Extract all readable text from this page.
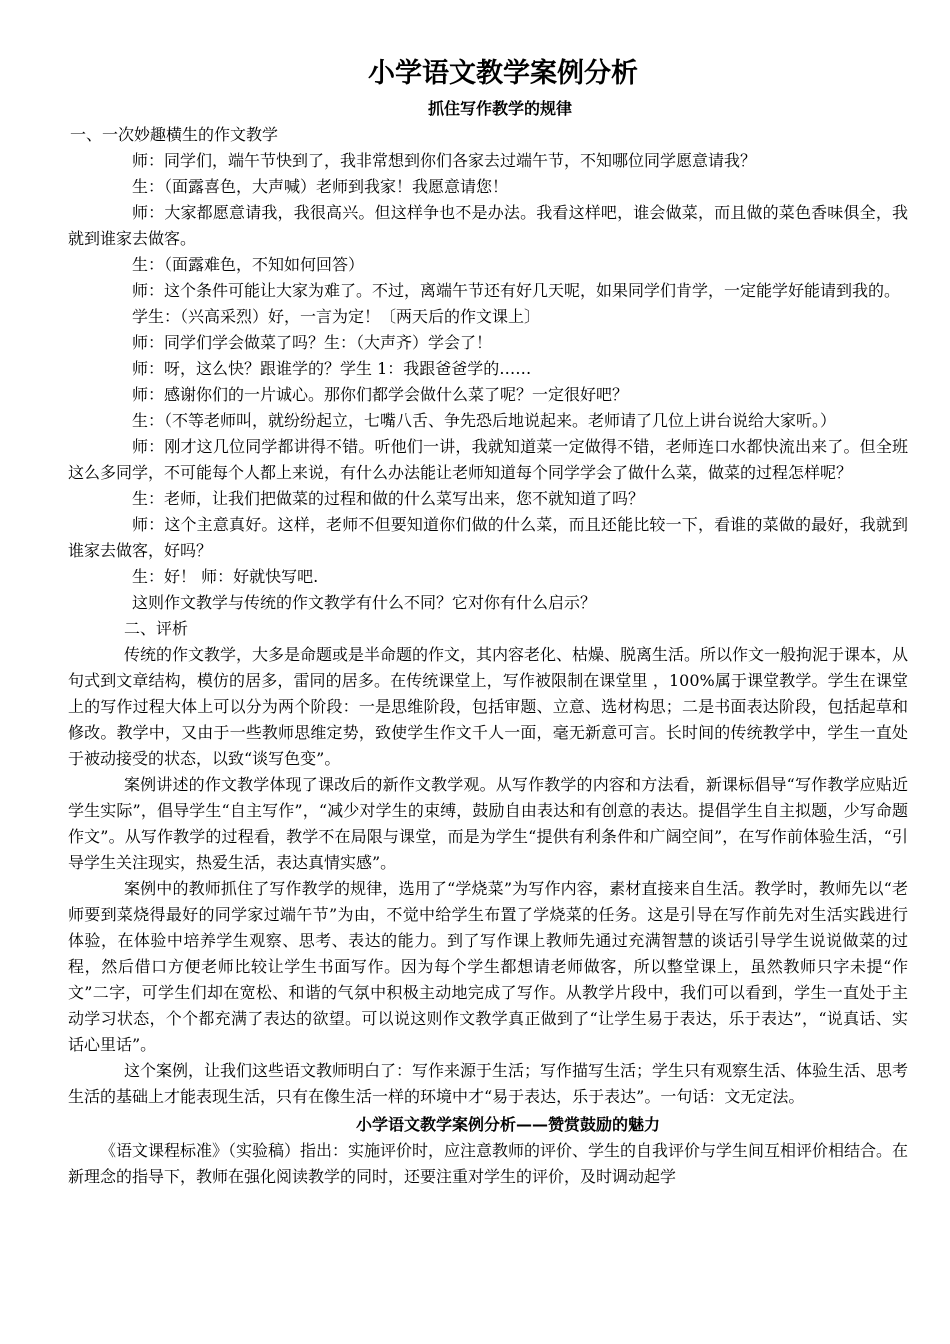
小学语文教学案例分析
抓住写作教学的规律

一、一次妙趣横生的作文教学

师：同学们，端午节快到了，我非常想到你们各家去过端午节，不知哪位同学愿意请我？

生：（面露喜色，大声喊）老师到我家！我愿意请您！

师：大家都愿意请我，我很高兴。但这样争也不是办法。我看这样吧，谁会做菜，而且做的菜色香味俱全，我就到谁家去做客。

生：（面露难色，不知如何回答）

师：这个条件可能让大家为难了。不过，离端午节还有好几天呢，如果同学们肯学，一定能学好能请到我的。

学生：（兴高采烈）好，一言为定！〔两天后的作文课上〕

师：同学们学会做菜了吗？生：（大声齐）学会了！

师：呀，这么快？跟谁学的？学生 1：我跟爸爸学的……

师：感谢你们的一片诚心。那你们都学会做什么菜了呢？一定很好吧？

生：（不等老师叫，就纷纷起立，七嘴八舌、争先恐后地说起来。老师请了几位上讲台说给大家听。）

师：刚才这几位同学都讲得不错。听他们一讲，我就知道菜一定做得不错，老师连口水都快流出来了。但全班这么多同学，不可能每个人都上来说，有什么办法能让老师知道每个同学学会了做什么菜，做菜的过程怎样呢？

生：老师，让我们把做菜的过程和做的什么菜写出来，您不就知道了吗？

师：这个主意真好。这样，老师不但要知道你们做的什么菜，而且还能比较一下，看谁的菜做的最好，我就到谁家去做客，好吗？

生：好！ 师：好就快写吧.

这则作文教学与传统的作文教学有什么不同？它对你有什么启示？

二、评析

传统的作文教学，大多是命题或是半命题的作文，其内容老化、枯燥、脱离生活。所以作文一般拘泥于课本，从句式到文章结构，模仿的居多，雷同的居多。在传统课堂上，写作被限制在课堂里 ，100%属于课堂教学。学生在课堂上的写作过程大体上可以分为两个阶段：一是思维阶段，包括审题、立意、选材构思；二是书面表达阶段，包括起草和修改。教学中，又由于一些教师思维定势，致使学生作文千人一面，毫无新意可言。长时间的传统教学中，学生一直处于被动接受的状态，以致“谈写色变”。

案例讲述的作文教学体现了课改后的新作文教学观。从写作教学的内容和方法看，新课标倡导“写作教学应贴近学生实际”，倡导学生“自主写作”，“减少对学生的束缚，鼓励自由表达和有创意的表达。提倡学生自主拟题，少写命题作文”。从写作教学的过程看，教学不在局限与课堂，而是为学生“提供有利条件和广阔空间”，在写作前体验生活，“引导学生关注现实，热爱生活，表达真情实感”。

案例中的教师抓住了写作教学的规律，选用了“学烧菜”为写作内容，素材直接来自生活。教学时，教师先以“老师要到菜烧得最好的同学家过端午节”为由，不觉中给学生布置了学烧菜的任务。这是引导在写作前先对生活实践进行体验，在体验中培养学生观察、思考、表达的能力。到了写作课上教师先通过充满智慧的谈话引导学生说说做菜的过程，然后借口方便老师比较让学生书面写作。因为每个学生都想请老师做客，所以整堂课上，虽然教师只字未提“作文”二字，可学生们却在宽松、和谐的气氛中积极主动地完成了写作。从教学片段中，我们可以看到，学生一直处于主动学习状态，个个都充满了表达的欲望。可以说这则作文教学真正做到了“让学生易于表达，乐于表达”，“说真话、实话心里话”。

这个案例，让我们这些语文教师明白了：写作来源于生活；写作描写生活；学生只有观察生活、体验生活、思考生活的基础上才能表现生活，只有在像生活一样的环境中才“易于表达，乐于表达”。一句话：文无定法。

小学语文教学案例分析——赞赏鼓励的魅力

《语文课程标准》（实验稿）指出：实施评价时，应注意教师的评价、学生的自我评价与学生间互相评价相结合。在新理念的指导下，教师在强化阅读教学的同时，还要注重对学生的评价，及时调动起学
